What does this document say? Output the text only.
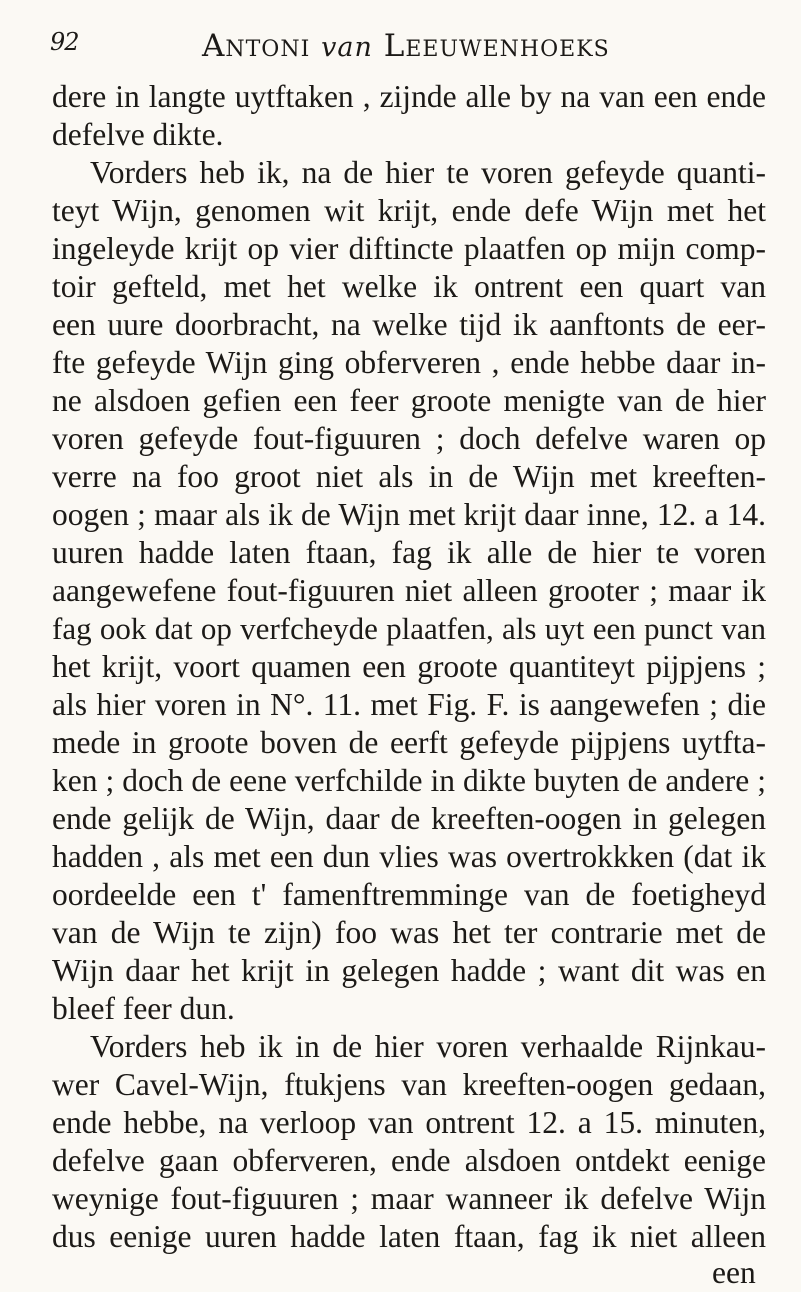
92	Antoni van Leeuwenhoeks
dere in langte uytftaken , zijnde alle by na van een ende
defelve dikte.
Vorders heb ik, na de hier te voren gefeyde quanti-
teyt Wijn, genomen wit krijt, ende defe Wijn met het
ingeleyde krijt op vier diftincte plaatfen op mijn comp-
toir gefteld, met het welke ik ontrent een quart van
een uure doorbracht, na welke tijd ik aanftonts de eer-
fte gefeyde Wijn ging obferveren , ende hebbe daar in-
ne alsdoen gefien een feer groote menigte van de hier
voren gefeyde fout-figuuren ; doch defelve waren op
verre na foo groot niet als in de Wijn met kreeften-
oogen ; maar als ik de Wijn met krijt daar inne, 12. a 14.
uuren hadde laten ftaan, fag ik alle de hier te voren
aangewefene fout-figuuren niet alleen grooter ; maar ik
fag ook dat op verfcheyde plaatfen, als uyt een punct van
het krijt, voort quamen een groote quantiteyt pijpjens ;
als hier voren in N°. 11. met Fig. F. is aangewefen ; die
mede in groote boven de eerft gefeyde pijpjens uytfta-
ken ; doch de eene verfchilde in dikte buyten de andere ;
ende gelijk de Wijn, daar de kreeften-oogen in gelegen
hadden , als met een dun vlies was overtrokkken (dat ik
oordeelde een t' famenftremminge van de foetigheyd
van de Wijn te zijn) foo was het ter contrarie met de
Wijn daar het krijt in gelegen hadde ; want dit was en
bleef feer dun.
Vorders heb ik in de hier voren verhaalde Rijnkau-
wer Cavel-Wijn, ftukjens van kreeften-oogen gedaan,
ende hebbe, na verloop van ontrent 12. a 15. minuten,
defelve gaan obferveren, ende alsdoen ontdekt eenige
weynige fout-figuuren ; maar wanneer ik defelve Wijn
dus eenige uuren hadde laten ftaan, fag ik niet alleen
een
